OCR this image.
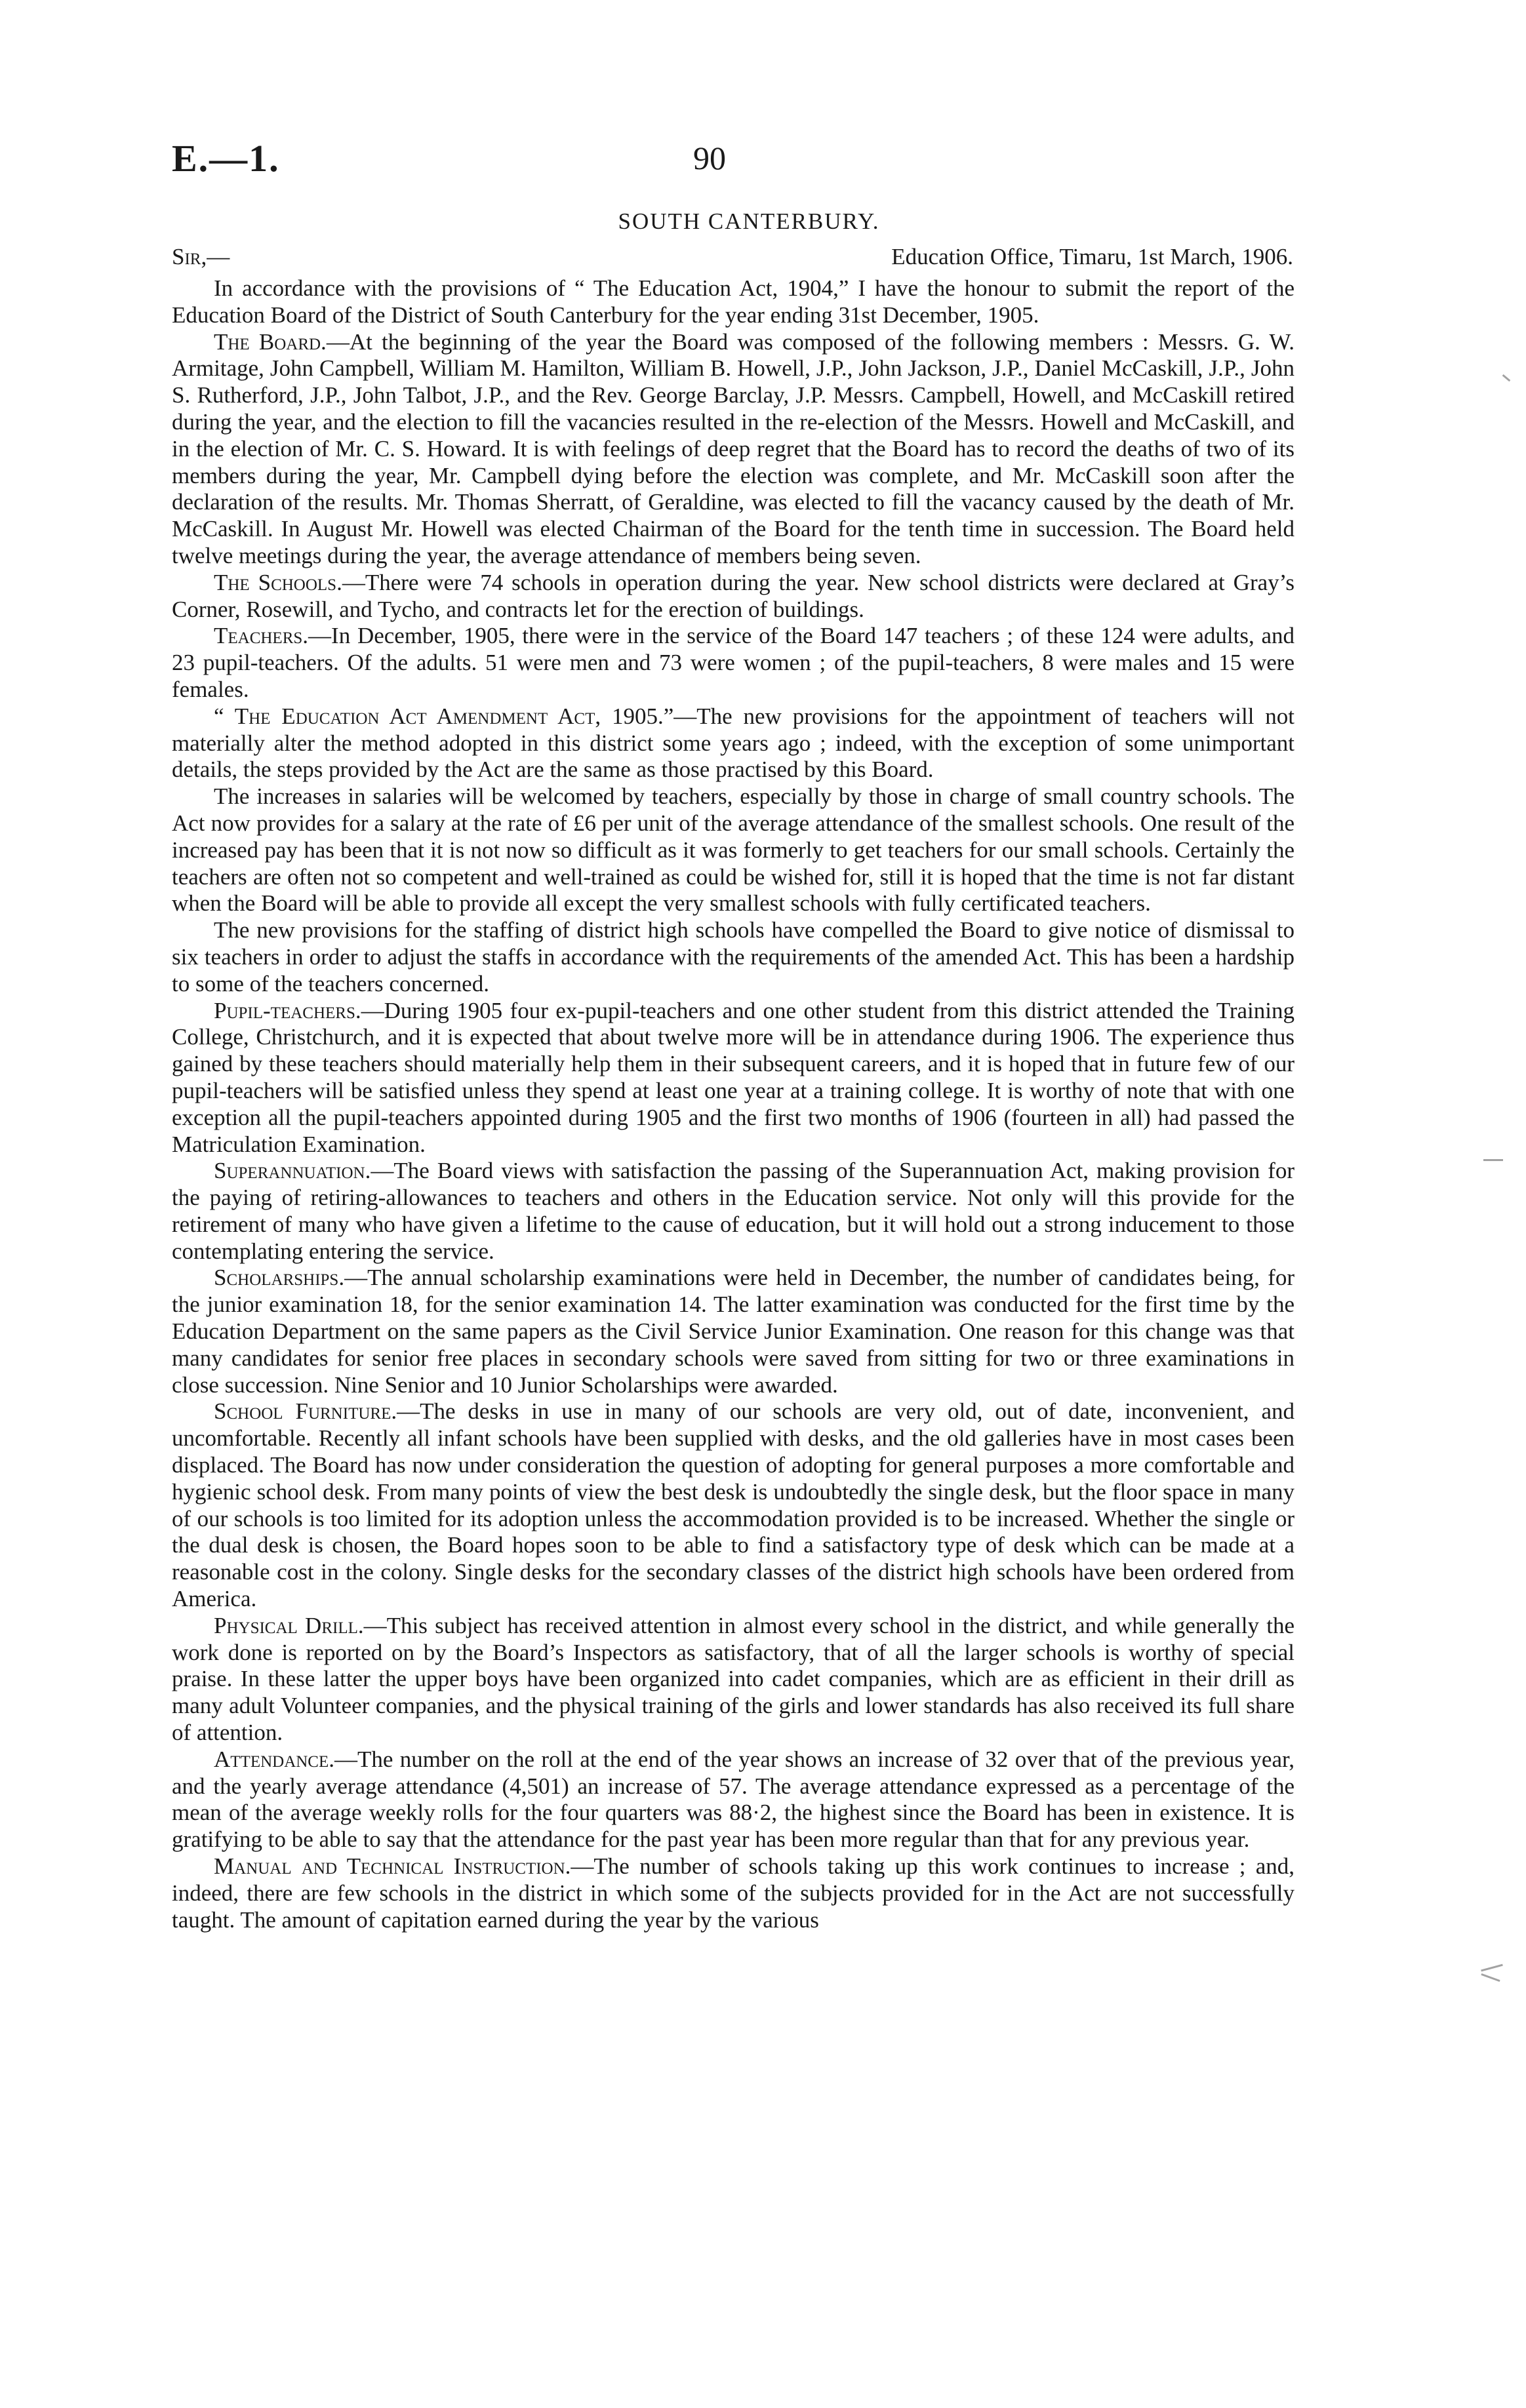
E.—1.	90
SOUTH CANTERBURY.
Sir,—	Education Office, Timaru, 1st March, 1906.

In accordance with the provisions of “ The Education Act, 1904,” I have the honour to submit the report of the Education Board of the District of South Canterbury for the year ending 31st December, 1905.

The Board.—At the beginning of the year the Board was composed of the following members : Messrs. G. W. Armitage, John Campbell, William M. Hamilton, William B. Howell, J.P., John Jackson, J.P., Daniel McCaskill, J.P., John S. Rutherford, J.P., John Talbot, J.P., and the Rev. George Barclay, J.P. Messrs. Campbell, Howell, and McCaskill retired during the year, and the election to fill the vacancies resulted in the re-election of the Messrs. Howell and McCaskill, and in the election of Mr. C. S. Howard. It is with feelings of deep regret that the Board has to record the deaths of two of its members during the year, Mr. Campbell dying before the election was complete, and Mr. McCaskill soon after the declaration of the results. Mr. Thomas Sherratt, of Geraldine, was elected to fill the vacancy caused by the death of Mr. McCaskill. In August Mr. Howell was elected Chairman of the Board for the tenth time in succession. The Board held twelve meetings during the year, the average attendance of members being seven.

The Schools.—There were 74 schools in operation during the year. New school districts were declared at Gray’s Corner, Rosewill, and Tycho, and contracts let for the erection of buildings.

Teachers.—In December, 1905, there were in the service of the Board 147 teachers ; of these 124 were adults, and 23 pupil-teachers. Of the adults. 51 were men and 73 were women ; of the pupil-teachers, 8 were males and 15 were females.

“ The Education Act Amendment Act, 1905.”—The new provisions for the appointment of teachers will not materially alter the method adopted in this district some years ago ; indeed, with the exception of some unimportant details, the steps provided by the Act are the same as those practised by this Board.

The increases in salaries will be welcomed by teachers, especially by those in charge of small country schools. The Act now provides for a salary at the rate of £6 per unit of the average attendance of the smallest schools. One result of the increased pay has been that it is not now so difficult as it was formerly to get teachers for our small schools. Certainly the teachers are often not so competent and well-trained as could be wished for, still it is hoped that the time is not far distant when the Board will be able to provide all except the very smallest schools with fully certificated teachers.

The new provisions for the staffing of district high schools have compelled the Board to give notice of dismissal to six teachers in order to adjust the staffs in accordance with the requirements of the amended Act. This has been a hardship to some of the teachers concerned.

Pupil-teachers.—During 1905 four ex-pupil-teachers and one other student from this district attended the Training College, Christchurch, and it is expected that about twelve more will be in attendance during 1906. The experience thus gained by these teachers should materially help them in their subsequent careers, and it is hoped that in future few of our pupil-teachers will be satisfied unless they spend at least one year at a training college. It is worthy of note that with one exception all the pupil-teachers appointed during 1905 and the first two months of 1906 (fourteen in all) had passed the Matriculation Examination.

Superannuation.—The Board views with satisfaction the passing of the Superannuation Act, making provision for the paying of retiring-allowances to teachers and others in the Education service. Not only will this provide for the retirement of many who have given a lifetime to the cause of education, but it will hold out a strong inducement to those contemplating entering the service.

Scholarships.—The annual scholarship examinations were held in December, the number of candidates being, for the junior examination 18, for the senior examination 14. The latter examination was conducted for the first time by the Education Department on the same papers as the Civil Service Junior Examination. One reason for this change was that many candidates for senior free places in secondary schools were saved from sitting for two or three examinations in close succession. Nine Senior and 10 Junior Scholarships were awarded.

School Furniture.—The desks in use in many of our schools are very old, out of date, inconvenient, and uncomfortable. Recently all infant schools have been supplied with desks, and the old galleries have in most cases been displaced. The Board has now under consideration the question of adopting for general purposes a more comfortable and hygienic school desk. From many points of view the best desk is undoubtedly the single desk, but the floor space in many of our schools is too limited for its adoption unless the accommodation provided is to be increased. Whether the single or the dual desk is chosen, the Board hopes soon to be able to find a satisfactory type of desk which can be made at a reasonable cost in the colony. Single desks for the secondary classes of the district high schools have been ordered from America.

Physical Drill.—This subject has received attention in almost every school in the district, and while generally the work done is reported on by the Board’s Inspectors as satisfactory, that of all the larger schools is worthy of special praise. In these latter the upper boys have been organized into cadet companies, which are as efficient in their drill as many adult Volunteer companies, and the physical training of the girls and lower standards has also received its full share of attention.

Attendance.—The number on the roll at the end of the year shows an increase of 32 over that of the previous year, and the yearly average attendance (4,501) an increase of 57. The average attendance expressed as a percentage of the mean of the average weekly rolls for the four quarters was 88·2, the highest since the Board has been in existence. It is gratifying to be able to say that the attendance for the past year has been more regular than that for any previous year.

Manual and Technical Instruction.—The number of schools taking up this work continues to increase ; and, indeed, there are few schools in the district in which some of the subjects provided for in the Act are not successfully taught. The amount of capitation earned during the year by the various
